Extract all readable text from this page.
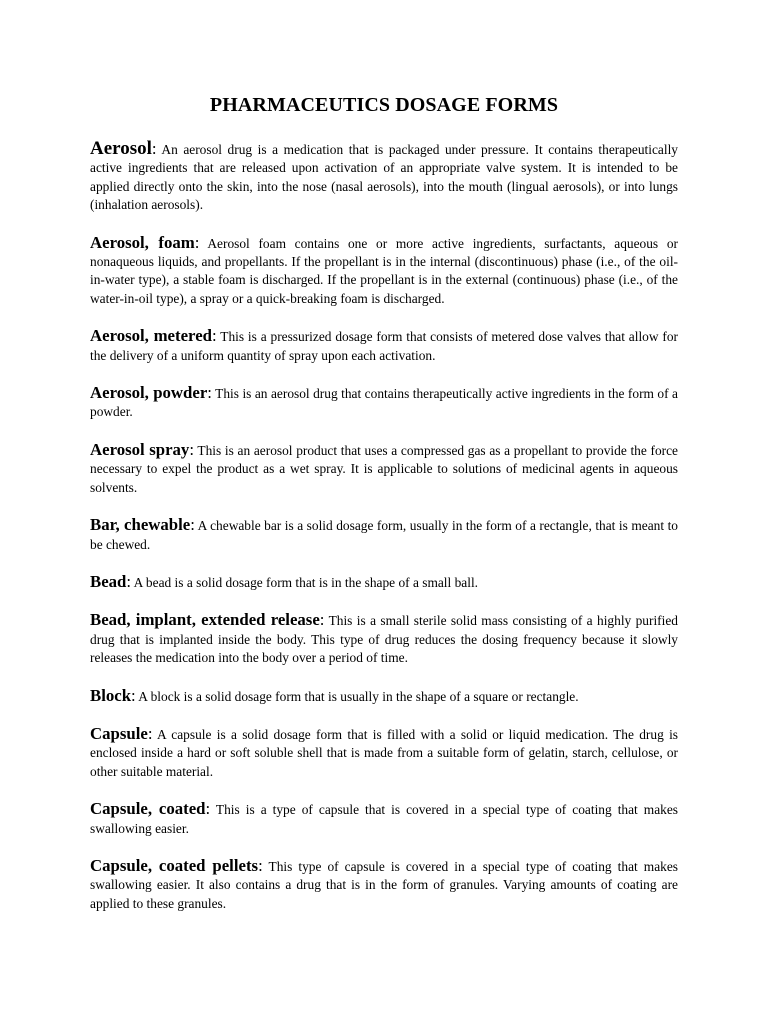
PHARMACEUTICS DOSAGE FORMS

Aerosol: An aerosol drug is a medication that is packaged under pressure. It contains therapeutically active ingredients that are released upon activation of an appropriate valve system. It is intended to be applied directly onto the skin, into the nose (nasal aerosols), into the mouth (lingual aerosols), or into lungs (inhalation aerosols).

Aerosol, foam: Aerosol foam contains one or more active ingredients, surfactants, aqueous or nonaqueous liquids, and propellants. If the propellant is in the internal (discontinuous) phase (i.e., of the oil-in-water type), a stable foam is discharged. If the propellant is in the external (continuous) phase (i.e., of the water-in-oil type), a spray or a quick-breaking foam is discharged.

Aerosol, metered: This is a pressurized dosage form that consists of metered dose valves that allow for the delivery of a uniform quantity of spray upon each activation.

Aerosol, powder: This is an aerosol drug that contains therapeutically active ingredients in the form of a powder.

Aerosol spray: This is an aerosol product that uses a compressed gas as a propellant to provide the force necessary to expel the product as a wet spray. It is applicable to solutions of medicinal agents in aqueous solvents.

Bar, chewable: A chewable bar is a solid dosage form, usually in the form of a rectangle, that is meant to be chewed.

Bead: A bead is a solid dosage form that is in the shape of a small ball.

Bead, implant, extended release: This is a small sterile solid mass consisting of a highly purified drug that is implanted inside the body. This type of drug reduces the dosing frequency because it slowly releases the medication into the body over a period of time.

Block: A block is a solid dosage form that is usually in the shape of a square or rectangle.

Capsule: A capsule is a solid dosage form that is filled with a solid or liquid medication. The drug is enclosed inside a hard or soft soluble shell that is made from a suitable form of gelatin, starch, cellulose, or other suitable material.

Capsule, coated: This is a type of capsule that is covered in a special type of coating that makes swallowing easier.

Capsule, coated pellets: This type of capsule is covered in a special type of coating that makes swallowing easier. It also contains a drug that is in the form of granules. Varying amounts of coating are applied to these granules.
